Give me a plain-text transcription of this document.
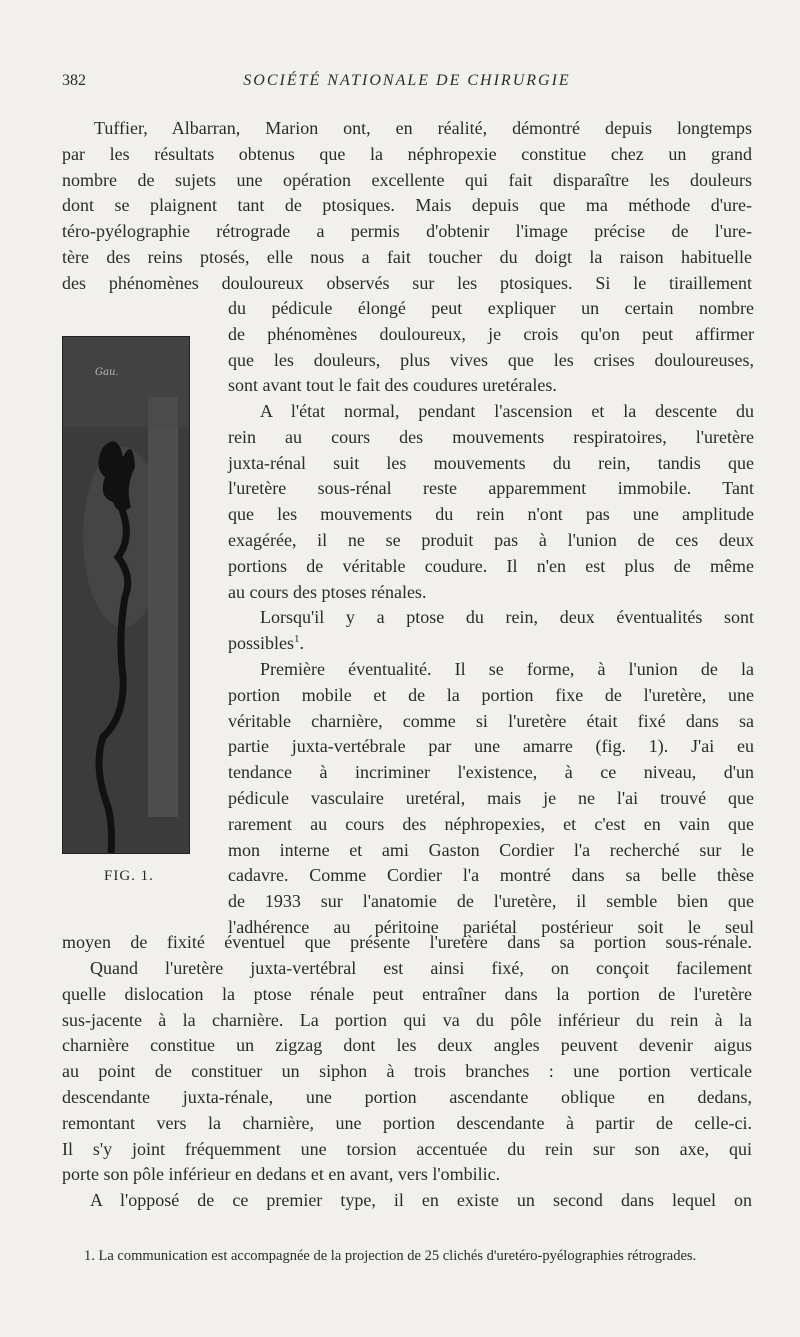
382	SOCIÉTÉ NATIONALE DE CHIRURGIE

Tuffier, Albarran, Marion ont, en réalité, démontré depuis longtemps
par les résultats obtenus que la néphropexie constitue chez un grand
nombre de sujets une opération excellente qui fait disparaître les douleurs
dont se plaignent tant de ptosiques. Mais depuis que ma méthode d'ure-
téro-pyélographie rétrograde a permis d'obtenir l'image précise de l'ure-
tère des reins ptosés, elle nous a fait toucher du doigt la raison habituelle
des phénomènes douloureux observés sur les ptosiques. Si le tiraillement

du pédicule élongé peut expliquer un certain nombre
de phénomènes douloureux, je crois qu'on peut affirmer
que les douleurs, plus vives que les crises douloureuses,
sont avant tout le fait des coudures uretérales.

A l'état normal, pendant l'ascension et la descente du
rein au cours des mouvements respiratoires, l'uretère
juxta-rénal suit les mouvements du rein, tandis que
l'uretère sous-rénal reste apparemment immobile. Tant
que les mouvements du rein n'ont pas une amplitude
exagérée, il ne se produit pas à l'union de ces deux
portions de véritable coudure. Il n'en est plus de même
au cours des ptoses rénales.

Lorsqu'il y a ptose du rein, deux éventualités sont
possibles$^1$.

Première éventualité. Il se forme, à l'union de la
portion mobile et de la portion fixe de l'uretère, une
véritable charnière, comme si l'uretère était fixé dans sa
partie juxta-vertébrale par une amarre (fig. 1). J'ai eu
tendance à incriminer l'existence, à ce niveau, d'un
pédicule vasculaire uretéral, mais je ne l'ai trouvé que
rarement au cours des néphropexies, et c'est en vain que
mon interne et ami Gaston Cordier l'a recherché sur le
cadavre. Comme Cordier l'a montré dans sa belle thèse
de 1933 sur l'anatomie de l'uretère, il semble bien que
l'adhérence au péritoine pariétal postérieur soit le seul

moyen de fixité éventuel que présente l'uretère dans sa portion sous-rénale.

Quand l'uretère juxta-vertébral est ainsi fixé, on conçoit facilement
quelle dislocation la ptose rénale peut entraîner dans la portion de l'uretère
sus-jacente à la charnière. La portion qui va du pôle inférieur du rein à la
charnière constitue un zigzag dont les deux angles peuvent devenir aigus
au point de constituer un siphon à trois branches : une portion verticale
descendante juxta-rénale, une portion ascendante oblique en dedans,
remontant vers la charnière, une portion descendante à partir de celle-ci.
Il s'y joint fréquemment une torsion accentuée du rein sur son axe, qui
porte son pôle inférieur en dedans et en avant, vers l'ombilic.

A l'opposé de ce premier type, il en existe un second dans lequel on

Gau.
FIG. 1.

1. La communication est accompagnée de la projection de 25 clichés d'uretéro-pyélographies rétrogrades.
